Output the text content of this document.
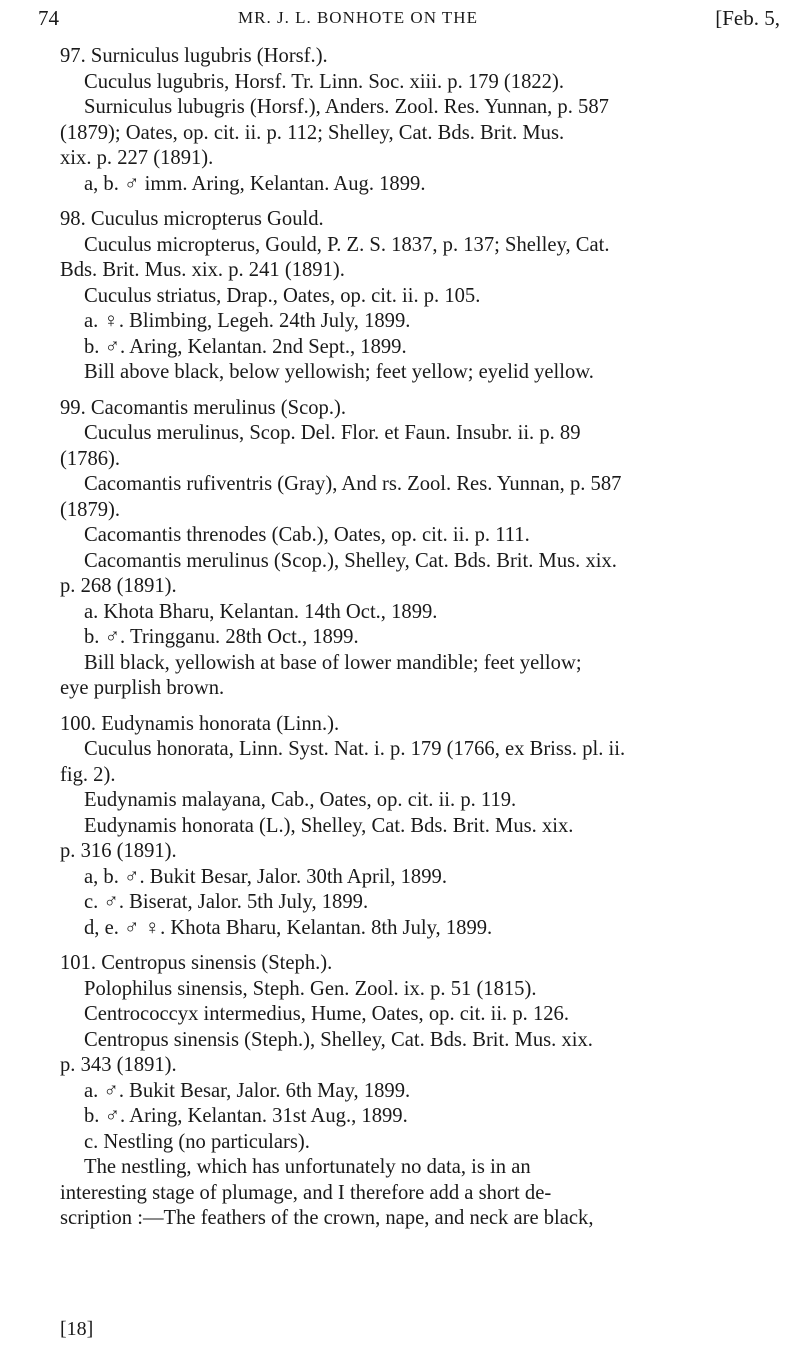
74	MR. J. L. BONHOTE ON THE	[Feb. 5,

97. Surniculus lugubris (Horsf.).

Cuculus lugubris, Horsf. Tr. Linn. Soc. xiii. p. 179 (1822).

Surniculus lubugris (Horsf.), Anders. Zool. Res. Yunnan, p. 587

(1879); Oates, op. cit. ii. p. 112; Shelley, Cat. Bds. Brit. Mus.

xix. p. 227 (1891).

a, b. ♂ imm. Aring, Kelantan. Aug. 1899.

98. Cuculus micropterus Gould.

Cuculus micropterus, Gould, P. Z. S. 1837, p. 137; Shelley, Cat.

Bds. Brit. Mus. xix. p. 241 (1891).

Cuculus striatus, Drap., Oates, op. cit. ii. p. 105.

a. ♀. Blimbing, Legeh. 24th July, 1899.

b. ♂. Aring, Kelantan. 2nd Sept., 1899.

Bill above black, below yellowish; feet yellow; eyelid yellow.

99. Cacomantis merulinus (Scop.).

Cuculus merulinus, Scop. Del. Flor. et Faun. Insubr. ii. p. 89

(1786).

Cacomantis rufiventris (Gray), And rs. Zool. Res. Yunnan, p. 587

(1879).

Cacomantis threnodes (Cab.), Oates, op. cit. ii. p. 111.

Cacomantis merulinus (Scop.), Shelley, Cat. Bds. Brit. Mus. xix.

p. 268 (1891).

a. Khota Bharu, Kelantan. 14th Oct., 1899.

b. ♂. Tringganu. 28th Oct., 1899.

Bill black, yellowish at base of lower mandible; feet yellow;

eye purplish brown.

100. Eudynamis honorata (Linn.).

Cuculus honorata, Linn. Syst. Nat. i. p. 179 (1766, ex Briss. pl. ii.

fig. 2).

Eudynamis malayana, Cab., Oates, op. cit. ii. p. 119.

Eudynamis honorata (L.), Shelley, Cat. Bds. Brit. Mus. xix.

p. 316 (1891).

a, b. ♂. Bukit Besar, Jalor. 30th April, 1899.

c. ♂. Biserat, Jalor. 5th July, 1899.

d, e. ♂ ♀. Khota Bharu, Kelantan. 8th July, 1899.

101. Centropus sinensis (Steph.).

Polophilus sinensis, Steph. Gen. Zool. ix. p. 51 (1815).

Centrococcyx intermedius, Hume, Oates, op. cit. ii. p. 126.

Centropus sinensis (Steph.), Shelley, Cat. Bds. Brit. Mus. xix.

p. 343 (1891).

a. ♂. Bukit Besar, Jalor. 6th May, 1899.

b. ♂. Aring, Kelantan. 31st Aug., 1899.

c. Nestling (no particulars).

The nestling, which has unfortunately no data, is in an

interesting stage of plumage, and I therefore add a short de-

scription :—The feathers of the crown, nape, and neck are black,

[18]
